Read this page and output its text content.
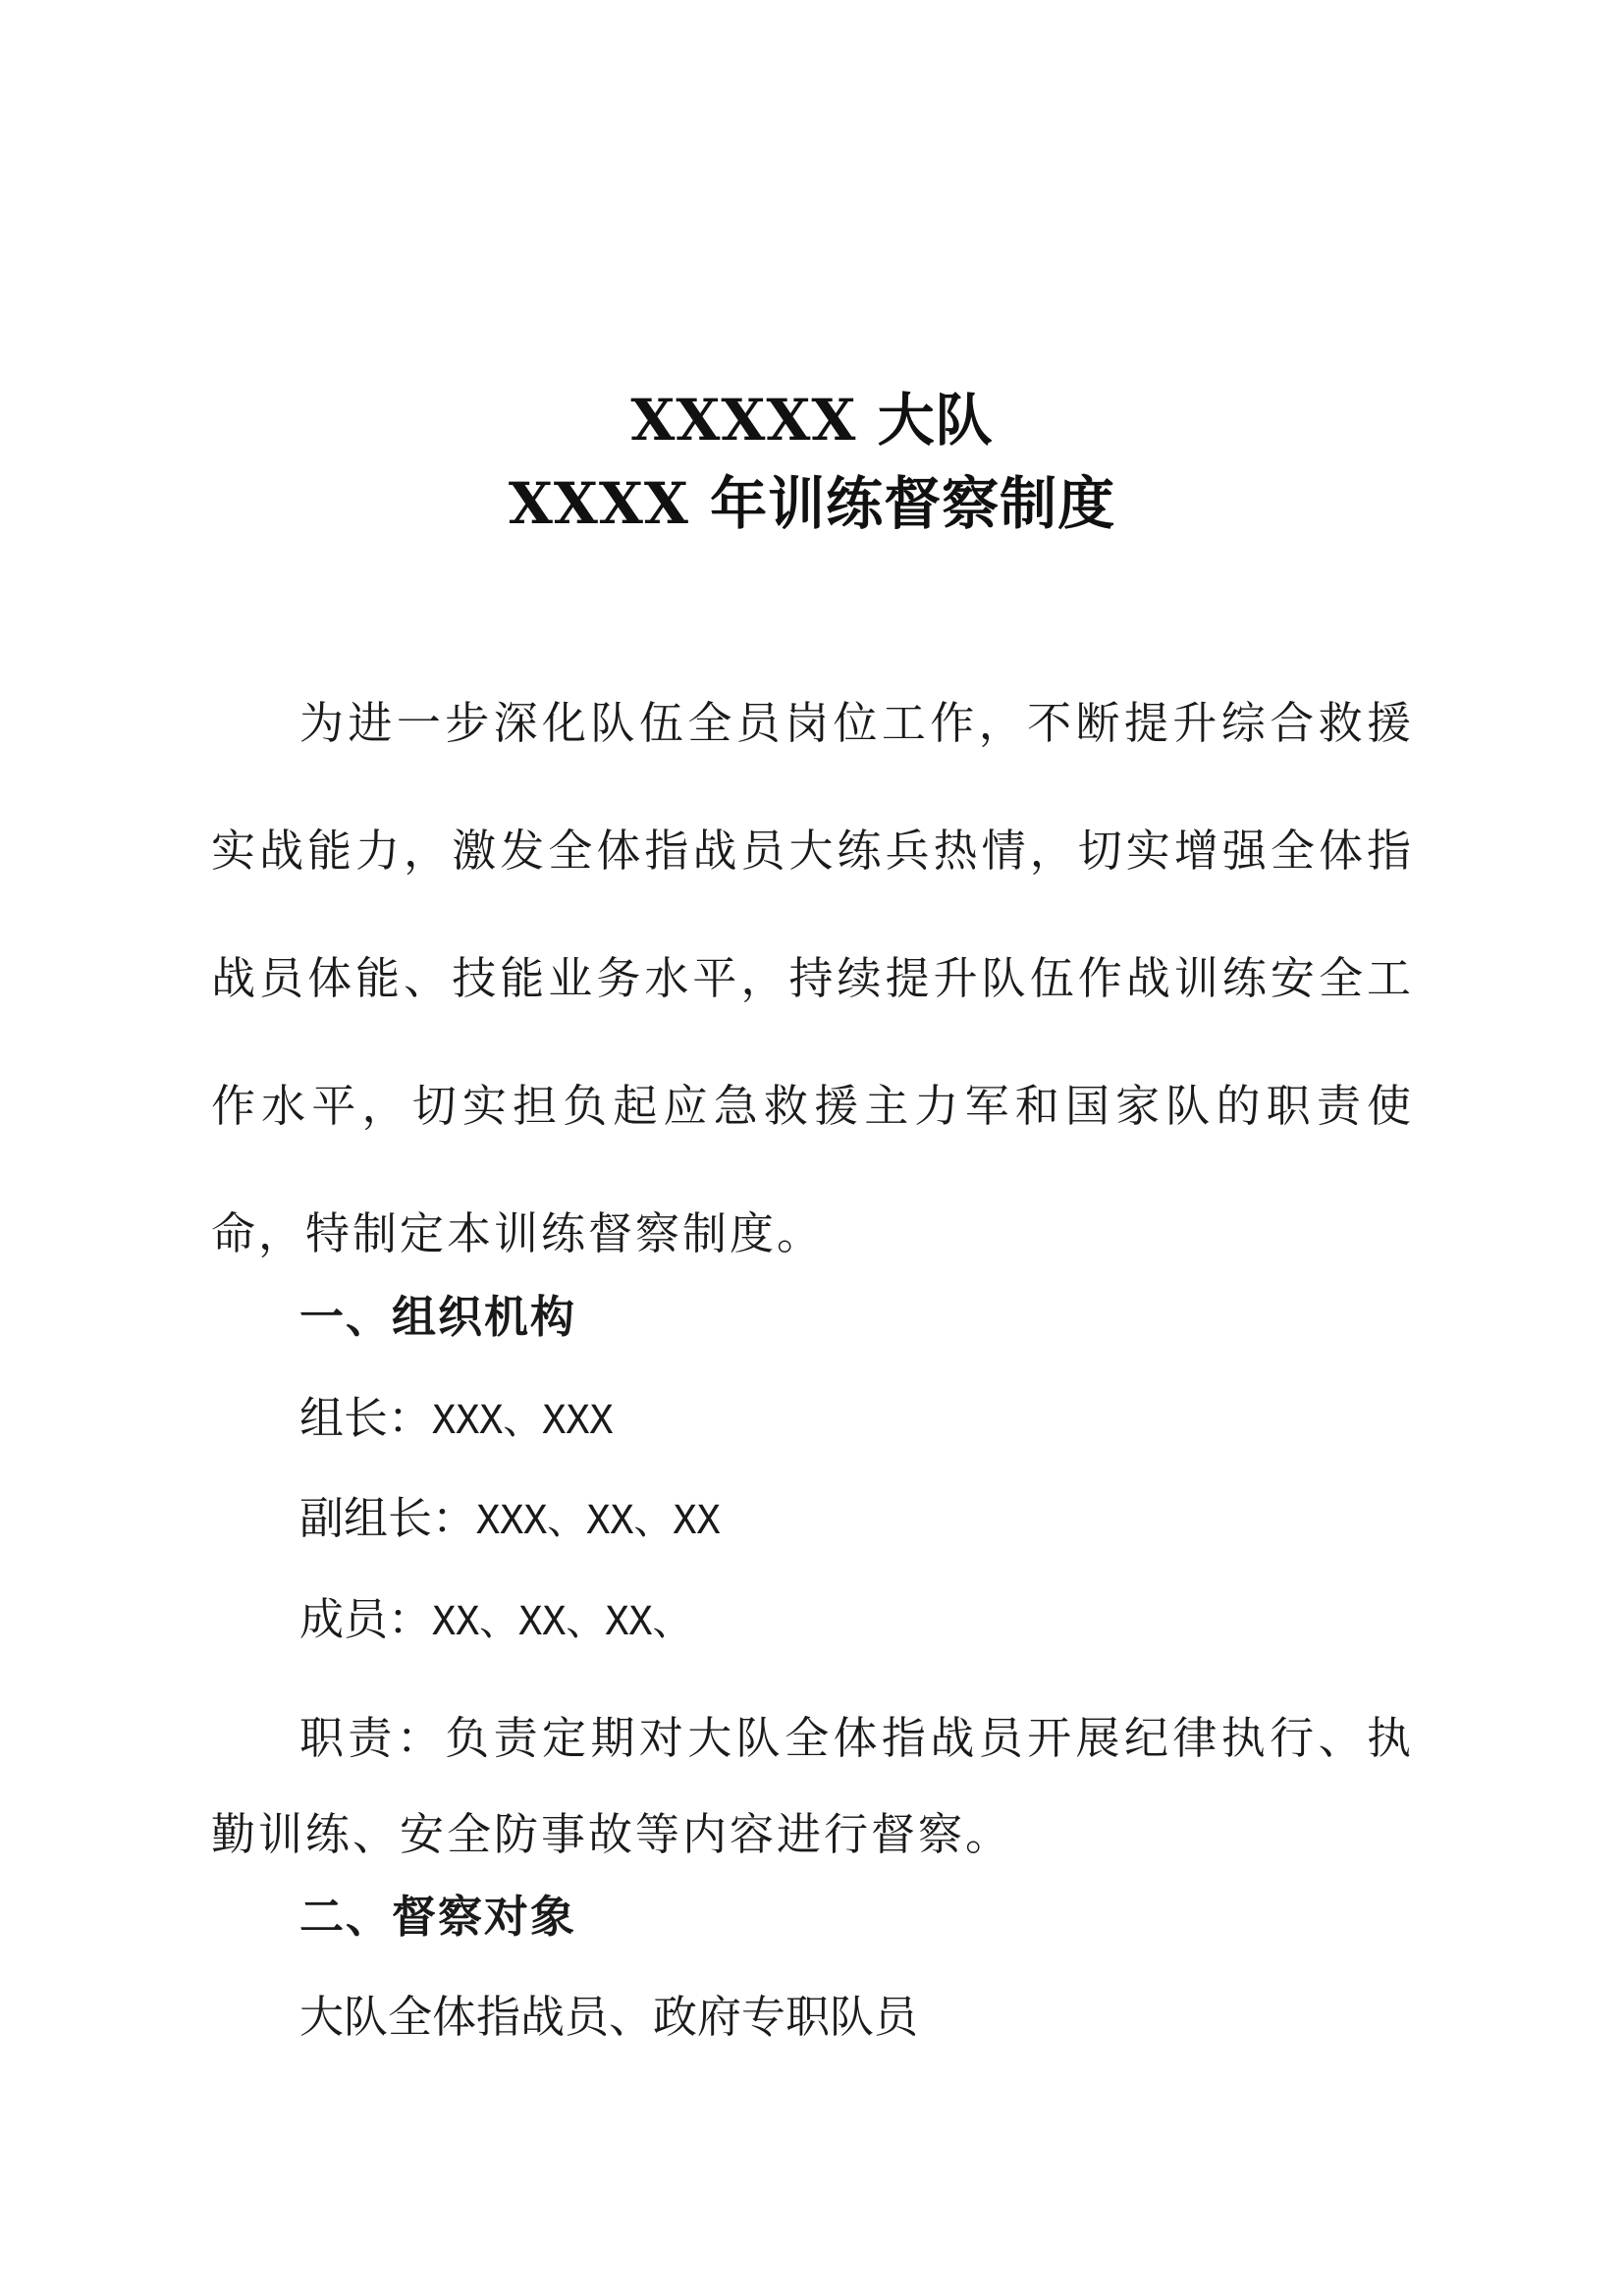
XXXXX 大队
XXXX 年训练督察制度
为进一步深化队伍全员岗位工作，不断提升综合救援实战能力，激发全体指战员大练兵热情，切实增强全体指战员体能、技能业务水平，持续提升队伍作战训练安全工作水平，切实担负起应急救援主力军和国家队的职责使命，特制定本训练督察制度。
一、组织机构
组长：XXX、XXX
副组长：XXX、XX、XX
成员：XX、XX、XX、
职责：负责定期对大队全体指战员开展纪律执行、执勤训练、安全防事故等内容进行督察。
二、督察对象
大队全体指战员、政府专职队员
